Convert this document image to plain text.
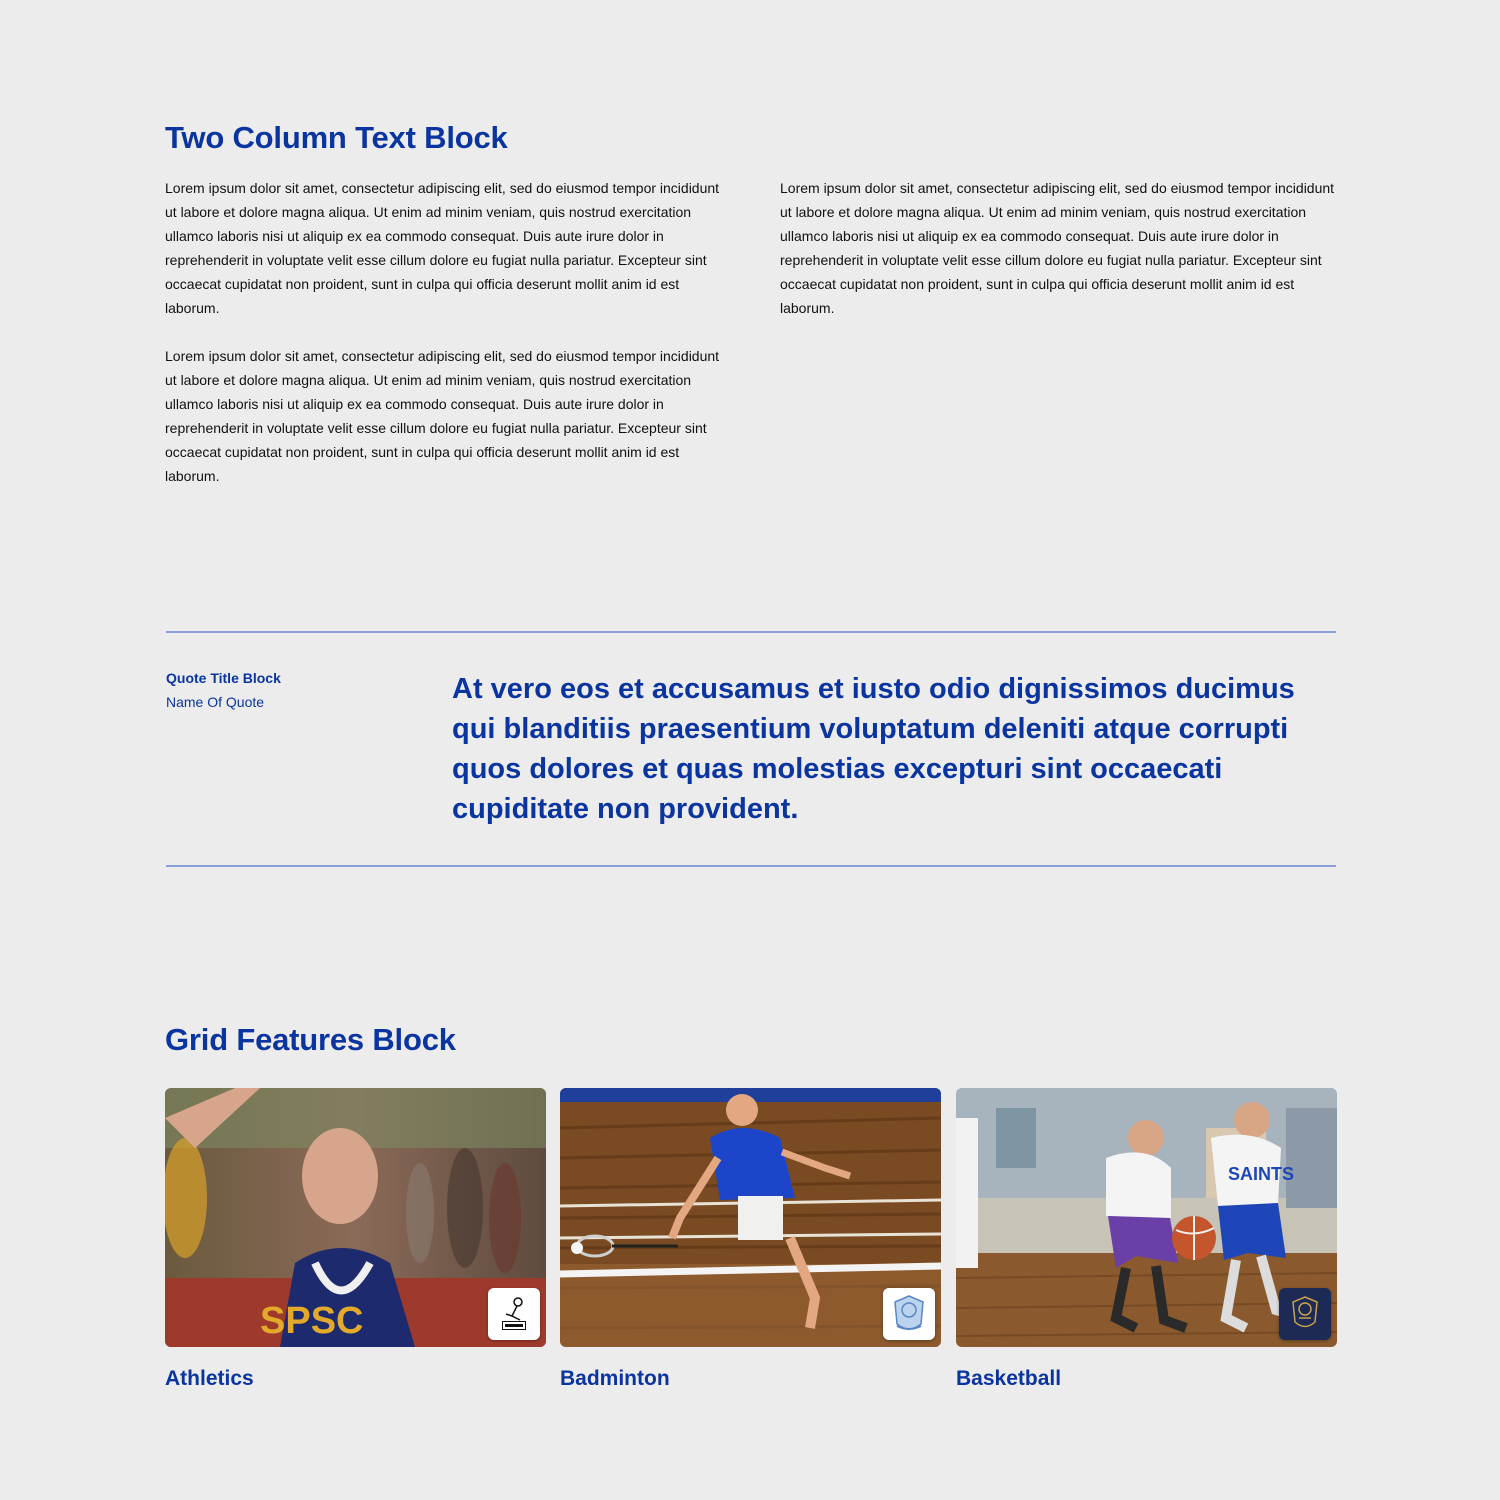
Two Column Text Block

Lorem ipsum dolor sit amet, consectetur adipiscing elit, sed do eiusmod tempor incididunt ut labore et dolore magna aliqua. Ut enim ad minim veniam, quis nostrud exercitation ullamco laboris nisi ut aliquip ex ea commodo consequat. Duis aute irure dolor in reprehenderit in voluptate velit esse cillum dolore eu fugiat nulla pariatur. Excepteur sint occaecat cupidatat non proident, sunt in culpa qui officia deserunt mollit anim id est laborum.

Lorem ipsum dolor sit amet, consectetur adipiscing elit, sed do eiusmod tempor incididunt ut labore et dolore magna aliqua. Ut enim ad minim veniam, quis nostrud exercitation ullamco laboris nisi ut aliquip ex ea commodo consequat. Duis aute irure dolor in reprehenderit in voluptate velit esse cillum dolore eu fugiat nulla pariatur. Excepteur sint occaecat cupidatat non proident, sunt in culpa qui officia deserunt mollit anim id est laborum.

Lorem ipsum dolor sit amet, consectetur adipiscing elit, sed do eiusmod tempor incididunt ut labore et dolore magna aliqua. Ut enim ad minim veniam, quis nostrud exercitation ullamco laboris nisi ut aliquip ex ea commodo consequat. Duis aute irure dolor in reprehenderit in voluptate velit esse cillum dolore eu fugiat nulla pariatur. Excepteur sint occaecat cupidatat non proident, sunt in culpa qui officia deserunt mollit anim id est laborum.

Quote Title Block
Name Of Quote	At vero eos et accusamus et iusto odio dignissimos ducimus qui blanditiis praesentium voluptatum deleniti atque corrupti quos dolores et quas molestias excepturi sint occaecati cupiditate non provident.

Grid Features Block
SPSC
Athletics	Badminton
SAINTS
Basketball
